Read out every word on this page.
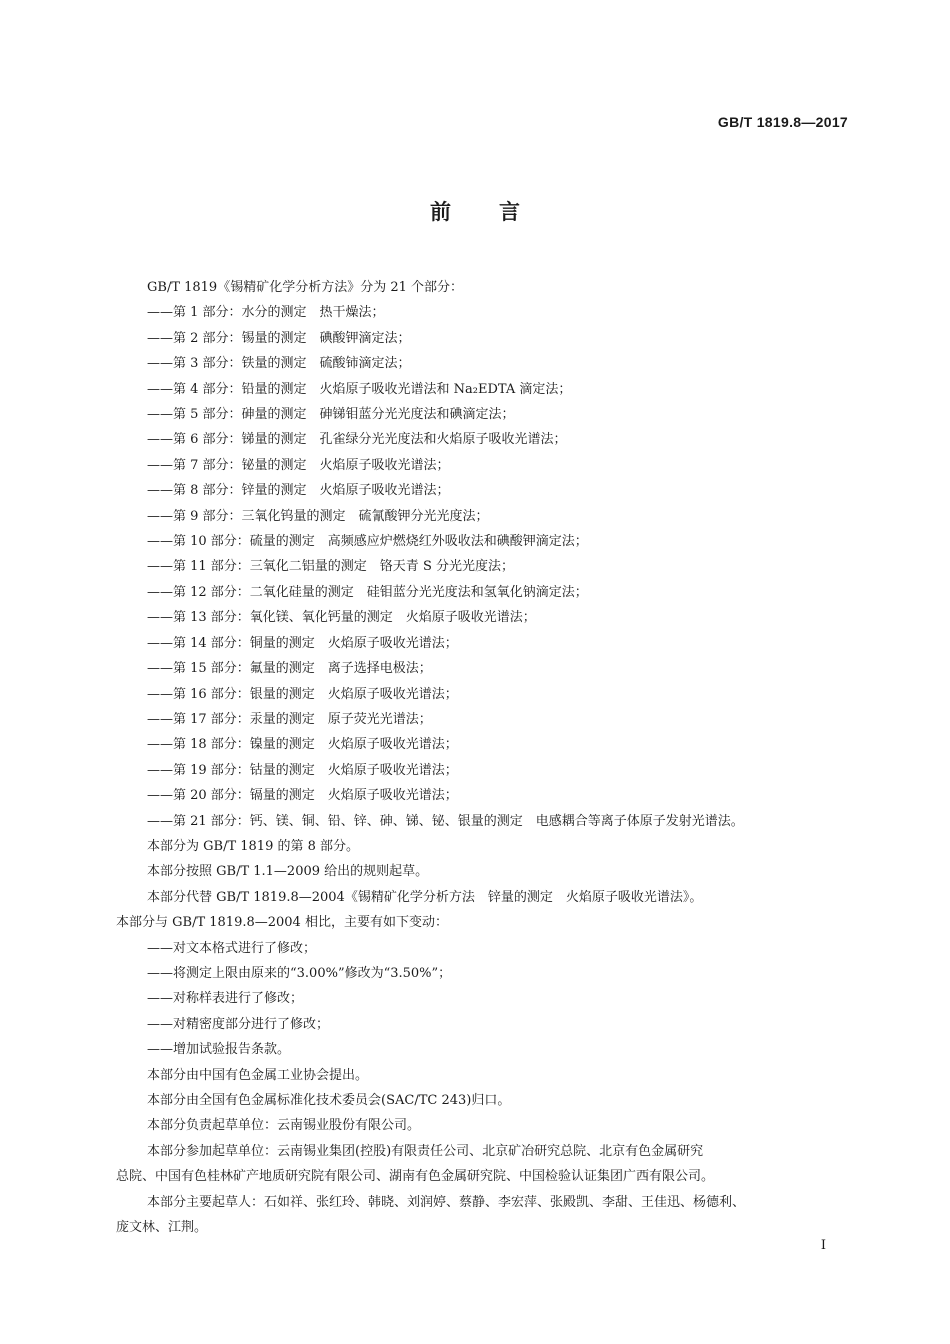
GB/T 1819.8—2017
前言

GB/T 1819《锡精矿化学分析方法》分为 21 个部分：

——第 1 部分：水分的测定　热干燥法；

——第 2 部分：锡量的测定　碘酸钾滴定法；

——第 3 部分：铁量的测定　硫酸铈滴定法；

——第 4 部分：铅量的测定　火焰原子吸收光谱法和 Na₂EDTA 滴定法；

——第 5 部分：砷量的测定　砷锑钼蓝分光光度法和碘滴定法；

——第 6 部分：锑量的测定　孔雀绿分光光度法和火焰原子吸收光谱法；

——第 7 部分：铋量的测定　火焰原子吸收光谱法；

——第 8 部分：锌量的测定　火焰原子吸收光谱法；

——第 9 部分：三氧化钨量的测定　硫氰酸钾分光光度法；

——第 10 部分：硫量的测定　高频感应炉燃烧红外吸收法和碘酸钾滴定法；

——第 11 部分：三氧化二铝量的测定　铬天青 S 分光光度法；

——第 12 部分：二氧化硅量的测定　硅钼蓝分光光度法和氢氧化钠滴定法；

——第 13 部分：氧化镁、氧化钙量的测定　火焰原子吸收光谱法；

——第 14 部分：铜量的测定　火焰原子吸收光谱法；

——第 15 部分：氟量的测定　离子选择电极法；

——第 16 部分：银量的测定　火焰原子吸收光谱法；

——第 17 部分：汞量的测定　原子荧光光谱法；

——第 18 部分：镍量的测定　火焰原子吸收光谱法；

——第 19 部分：钴量的测定　火焰原子吸收光谱法；

——第 20 部分：镉量的测定　火焰原子吸收光谱法；

——第 21 部分：钙、镁、铜、铅、锌、砷、锑、铋、银量的测定　电感耦合等离子体原子发射光谱法。

本部分为 GB/T 1819 的第 8 部分。

本部分按照 GB/T 1.1—2009 给出的规则起草。

本部分代替 GB/T 1819.8—2004《锡精矿化学分析方法　锌量的测定　火焰原子吸收光谱法》。

本部分与 GB/T 1819.8—2004 相比，主要有如下变动：

——对文本格式进行了修改；

——将测定上限由原来的“3.00%”修改为“3.50%”；

——对称样表进行了修改；

——对精密度部分进行了修改；

——增加试验报告条款。

本部分由中国有色金属工业协会提出。

本部分由全国有色金属标准化技术委员会(SAC/TC 243)归口。

本部分负责起草单位：云南锡业股份有限公司。

本部分参加起草单位：云南锡业集团(控股)有限责任公司、北京矿冶研究总院、北京有色金属研究

总院、中国有色桂林矿产地质研究院有限公司、湖南有色金属研究院、中国检验认证集团广西有限公司。

本部分主要起草人：石如祥、张红玲、韩晓、刘润婷、蔡静、李宏萍、张殿凯、李甜、王佳迅、杨德利、

庞文林、江荆。

I
